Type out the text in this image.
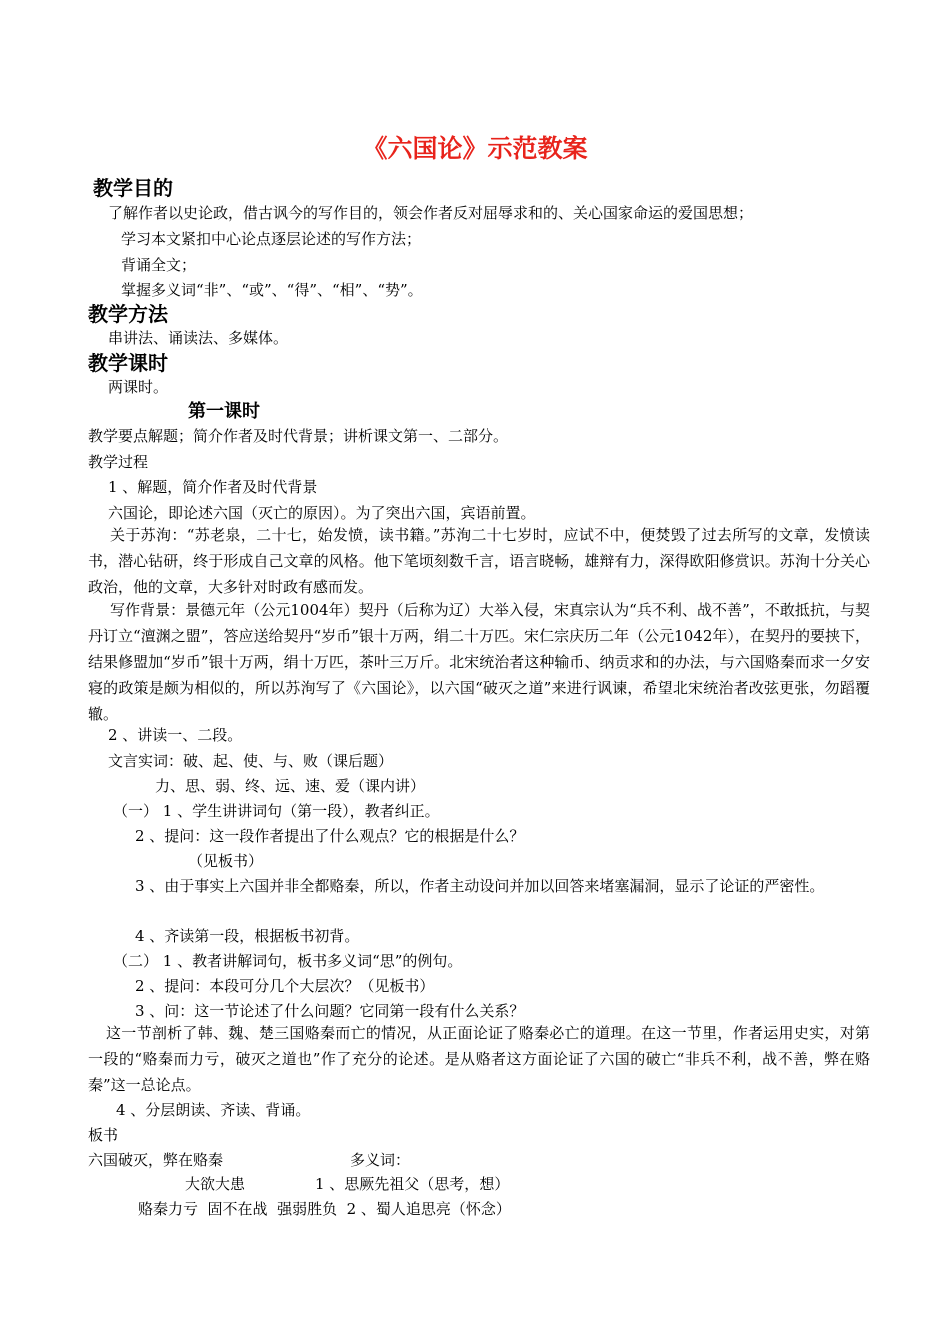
《六国论》示范教案
教学目的
了解作者以史论政，借古讽今的写作目的，领会作者反对屈辱求和的、关心国家命运的爱国思想；
学习本文紧扣中心论点逐层论述的写作方法；
背诵全文；
掌握多义词“非”、“或”、“得”、“相”、“势”。
教学方法
串讲法、诵读法、多媒体。
教学课时
两课时。
第一课时
教学要点解题；简介作者及时代背景；讲析课文第一、二部分。
教学过程
1 、解题，简介作者及时代背景
六国论，即论述六国（灭亡的原因）。为了突出六国，宾语前置。
关于苏洵：“苏老泉，二十七，始发愤，读书籍。”苏洵二十七岁时，应试不中，便焚毁了过去所写的文章，发愤读书，潜心钻研，终于形成自己文章的风格。他下笔顷刻数千言，语言晓畅，雄辩有力，深得欧阳修赏识。苏洵十分关心政治，他的文章，大多针对时政有感而发。
写作背景：景德元年（公元1004年）契丹（后称为辽）大举入侵，宋真宗认为“兵不利、战不善”，不敢抵抗，与契丹订立“澶渊之盟”，答应送给契丹“岁币”银十万两，绢二十万匹。宋仁宗庆历二年（公元1042年），在契丹的要挟下，结果修盟加“岁币”银十万两，绢十万匹，茶叶三万斤。北宋统治者这种输币、纳贡求和的办法，与六国赂秦而求一夕安寝的政策是颇为相似的，所以苏洵写了《六国论》，以六国“破灭之道”来进行讽谏，希望北宋统治者改弦更张，勿蹈覆辙。
2 、讲读一、二段。
文言实词：破、起、使、与、败（课后题）
力、思、弱、终、远、速、爱（课内讲）
（一） 1 、学生讲讲词句（第一段），教者纠正。
2 、提问：这一段作者提出了什么观点？它的根据是什么？
（见板书）
3 、由于事实上六国并非全都赂秦，所以，作者主动设问并加以回答来堵塞漏洞，显示了论证的严密性。
4 、齐读第一段，根据板书初背。
（二） 1 、教者讲解词句，板书多义词“思”的例句。
2 、提问：本段可分几个大层次？（见板书）
3 、问：这一节论述了什么问题？它同第一段有什么关系？
这一节剖析了韩、魏、楚三国赂秦而亡的情况，从正面论证了赂秦必亡的道理。在这一节里，作者运用史实，对第一段的“赂秦而力亏，破灭之道也”作了充分的论述。是从赂者这方面论证了六国的破亡“非兵不利，战不善，弊在赂秦”这一总论点。
4 、分层朗读、齐读、背诵。
板书
六国破灭，弊在赂秦	多义词：
大欲大患	1 、思厥先祖父（思考，想）
赂秦力亏  固不在战  强弱胜负  2 、蜀人追思亮（怀念）
